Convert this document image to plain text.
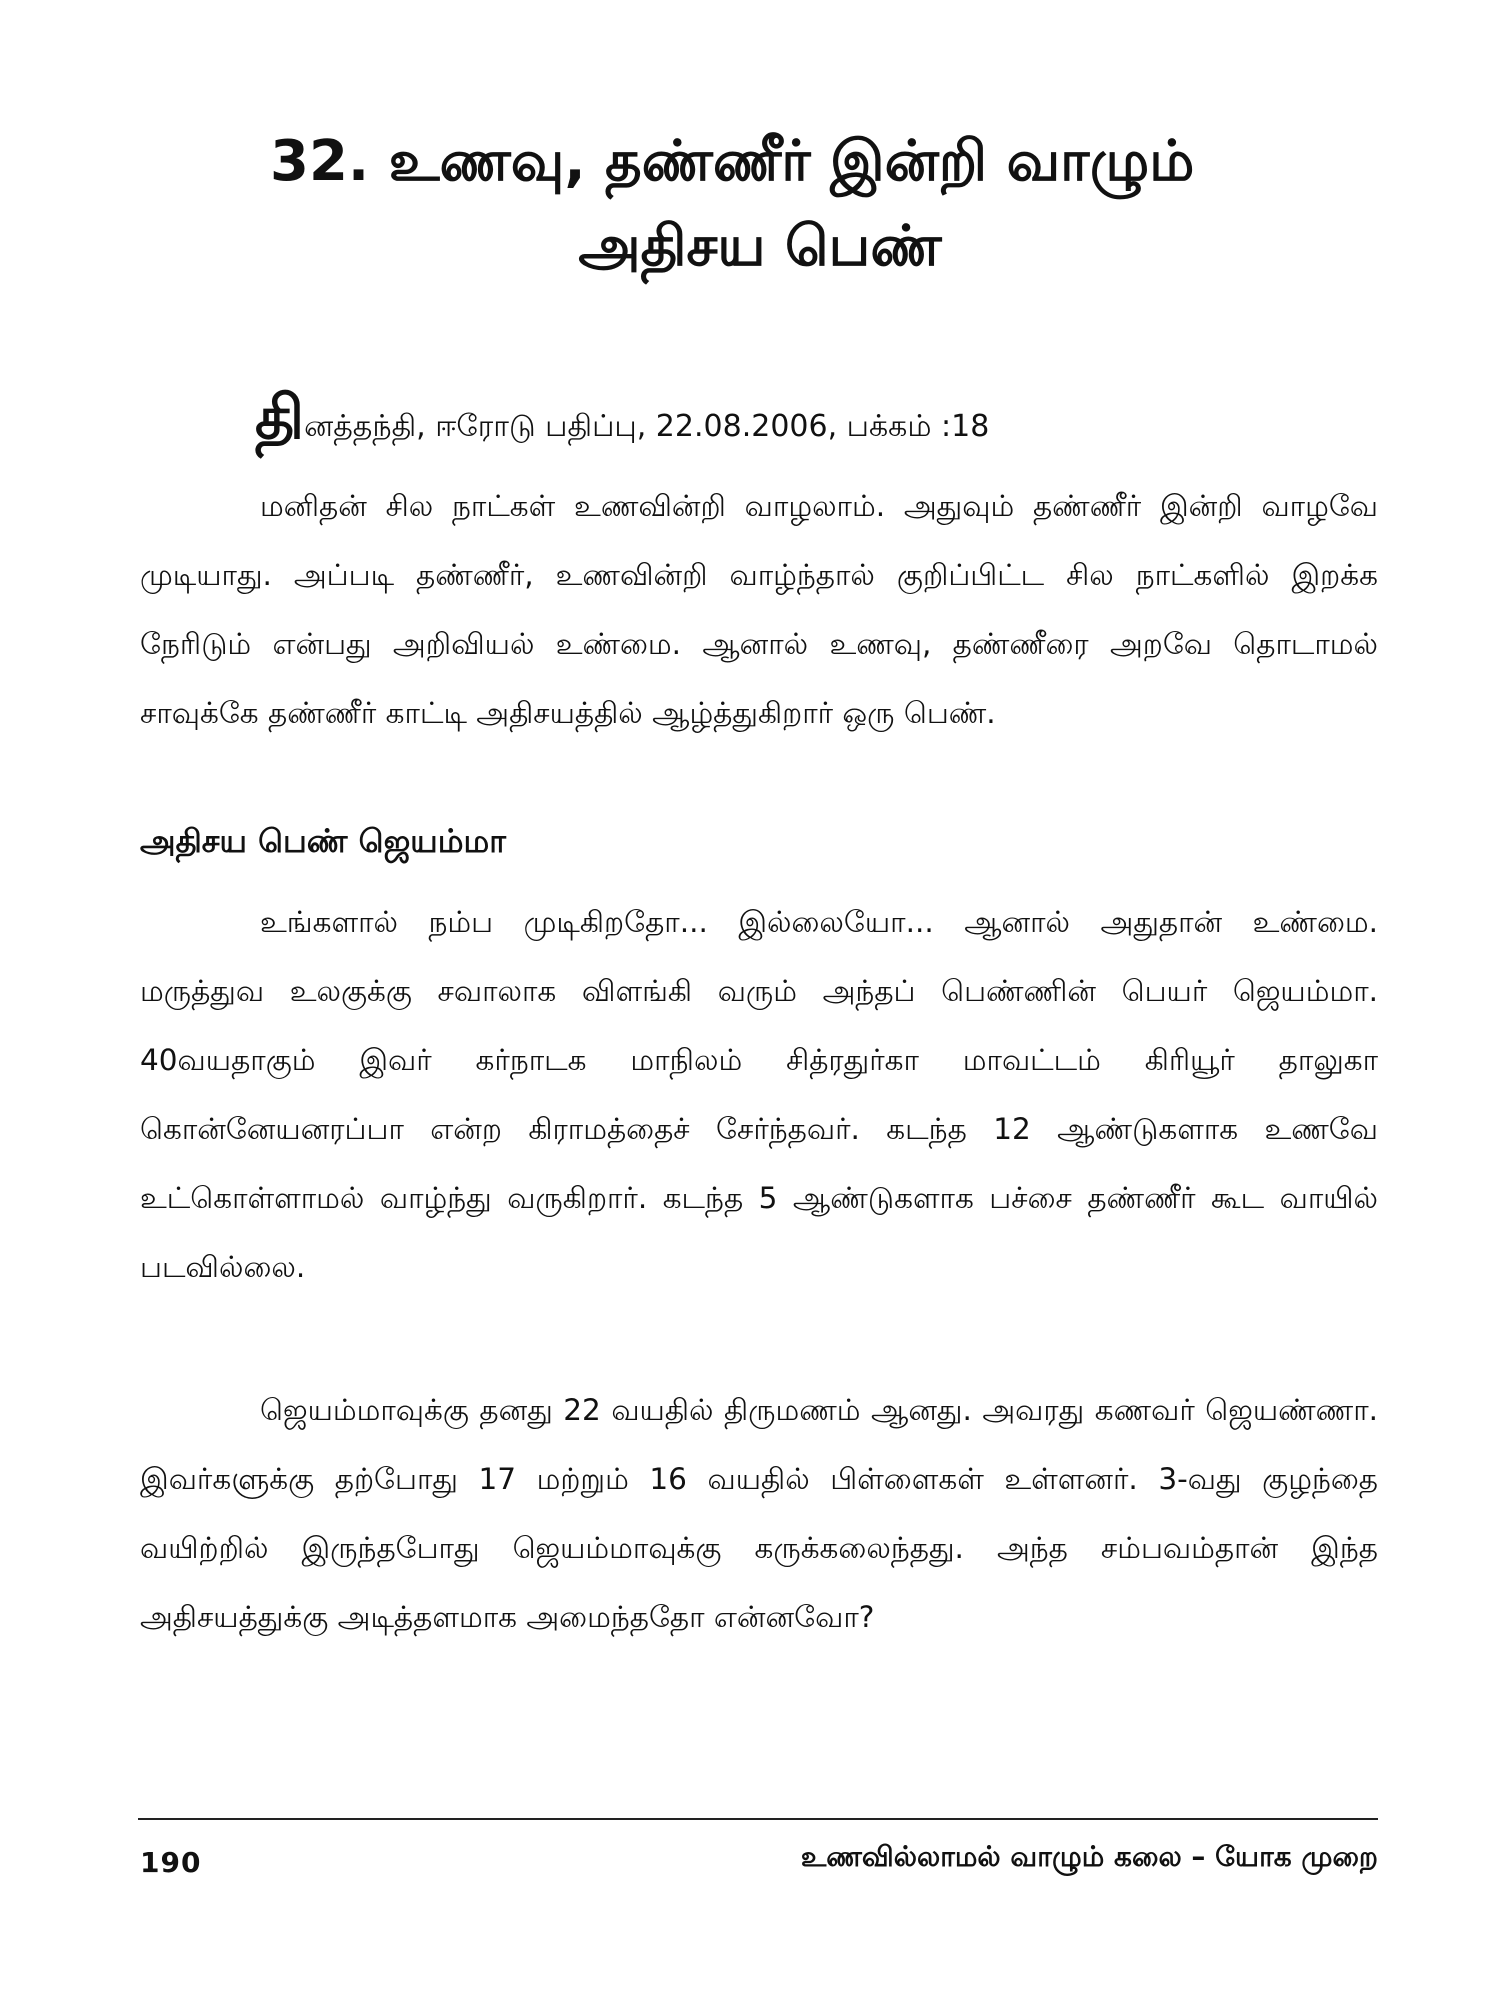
32. உணவு, தண்ணீர் இன்றி வாழும்
அதிசய பெண்

தினத்தந்தி, ஈரோடு பதிப்பு, 22.08.2006, பக்கம் :18

மனிதன் சில நாட்கள் உணவின்றி வாழலாம். அதுவும் தண்ணீர் இன்றி வாழவே முடியாது. அப்படி தண்ணீர், உணவின்றி வாழ்ந்தால் குறிப்பிட்ட சில நாட்களில் இறக்க நேரிடும் என்பது அறிவியல் உண்மை. ஆனால் உணவு, தண்ணீரை அறவே தொடாமல் சாவுக்கே தண்ணீர் காட்டி அதிசயத்தில் ஆழ்த்துகிறார் ஒரு பெண்.

அதிசய பெண் ஜெயம்மா

உங்களால் நம்ப முடிகிறதோ... இல்லையோ... ஆனால் அதுதான் உண்மை. மருத்துவ உலகுக்கு சவாலாக விளங்கி வரும் அந்தப் பெண்ணின் பெயர் ஜெயம்மா. 40வயதாகும் இவர் கர்நாடக மாநிலம் சித்ரதுர்கா மாவட்டம் கிரியூர் தாலுகா கொன்னேயனரப்பா என்ற கிராமத்தைச் சேர்ந்தவர். கடந்த 12 ஆண்டுகளாக உணவே உட்கொள்ளாமல் வாழ்ந்து வருகிறார். கடந்த 5 ஆண்டுகளாக பச்சை தண்ணீர் கூட வாயில் படவில்லை.

ஜெயம்மாவுக்கு தனது 22 வயதில் திருமணம் ஆனது. அவரது கணவர் ஜெயண்ணா. இவர்களுக்கு தற்போது 17 மற்றும் 16 வயதில் பிள்ளைகள் உள்ளனர். 3-வது குழந்தை வயிற்றில் இருந்தபோது ஜெயம்மாவுக்கு கருக்கலைந்தது. அந்த சம்பவம்தான் இந்த அதிசயத்துக்கு அடித்தளமாக அமைந்ததோ என்னவோ?

190	உணவில்லாமல் வாழும் கலை – யோக முறை
